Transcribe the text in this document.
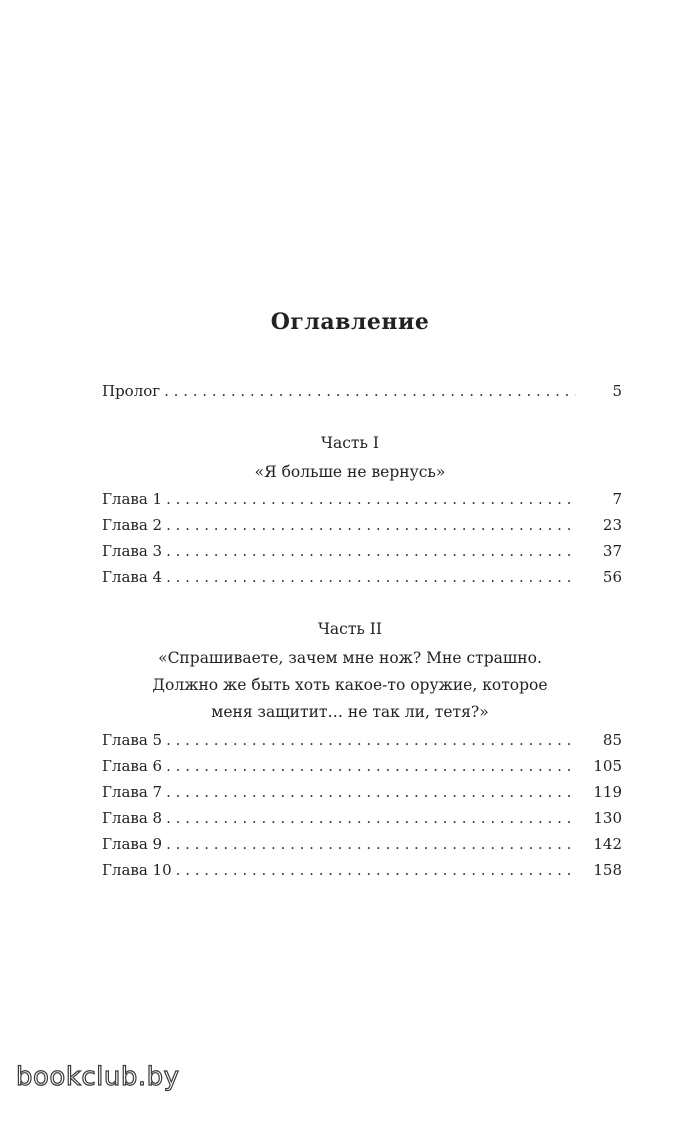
Оглавление
Пролог . . .	5
Часть I
«Я больше не вернусь»
Глава 1 . . .	7
Глава 2 . . .	23
Глава 3 . . .	37
Глава 4 . . .	56
Часть II
«Спрашиваете, зачем мне нож? Мне страшно.
Должно же быть хоть какое-то оружие, которое
меня защитит… не так ли, тетя?»
Глава 5 . . .	85
Глава 6 . . .	105
Глава 7 . . .	119
Глава 8 . . .	130
Глава 9 . . .	142
Глава 10 . . .	158
bookclub.by
